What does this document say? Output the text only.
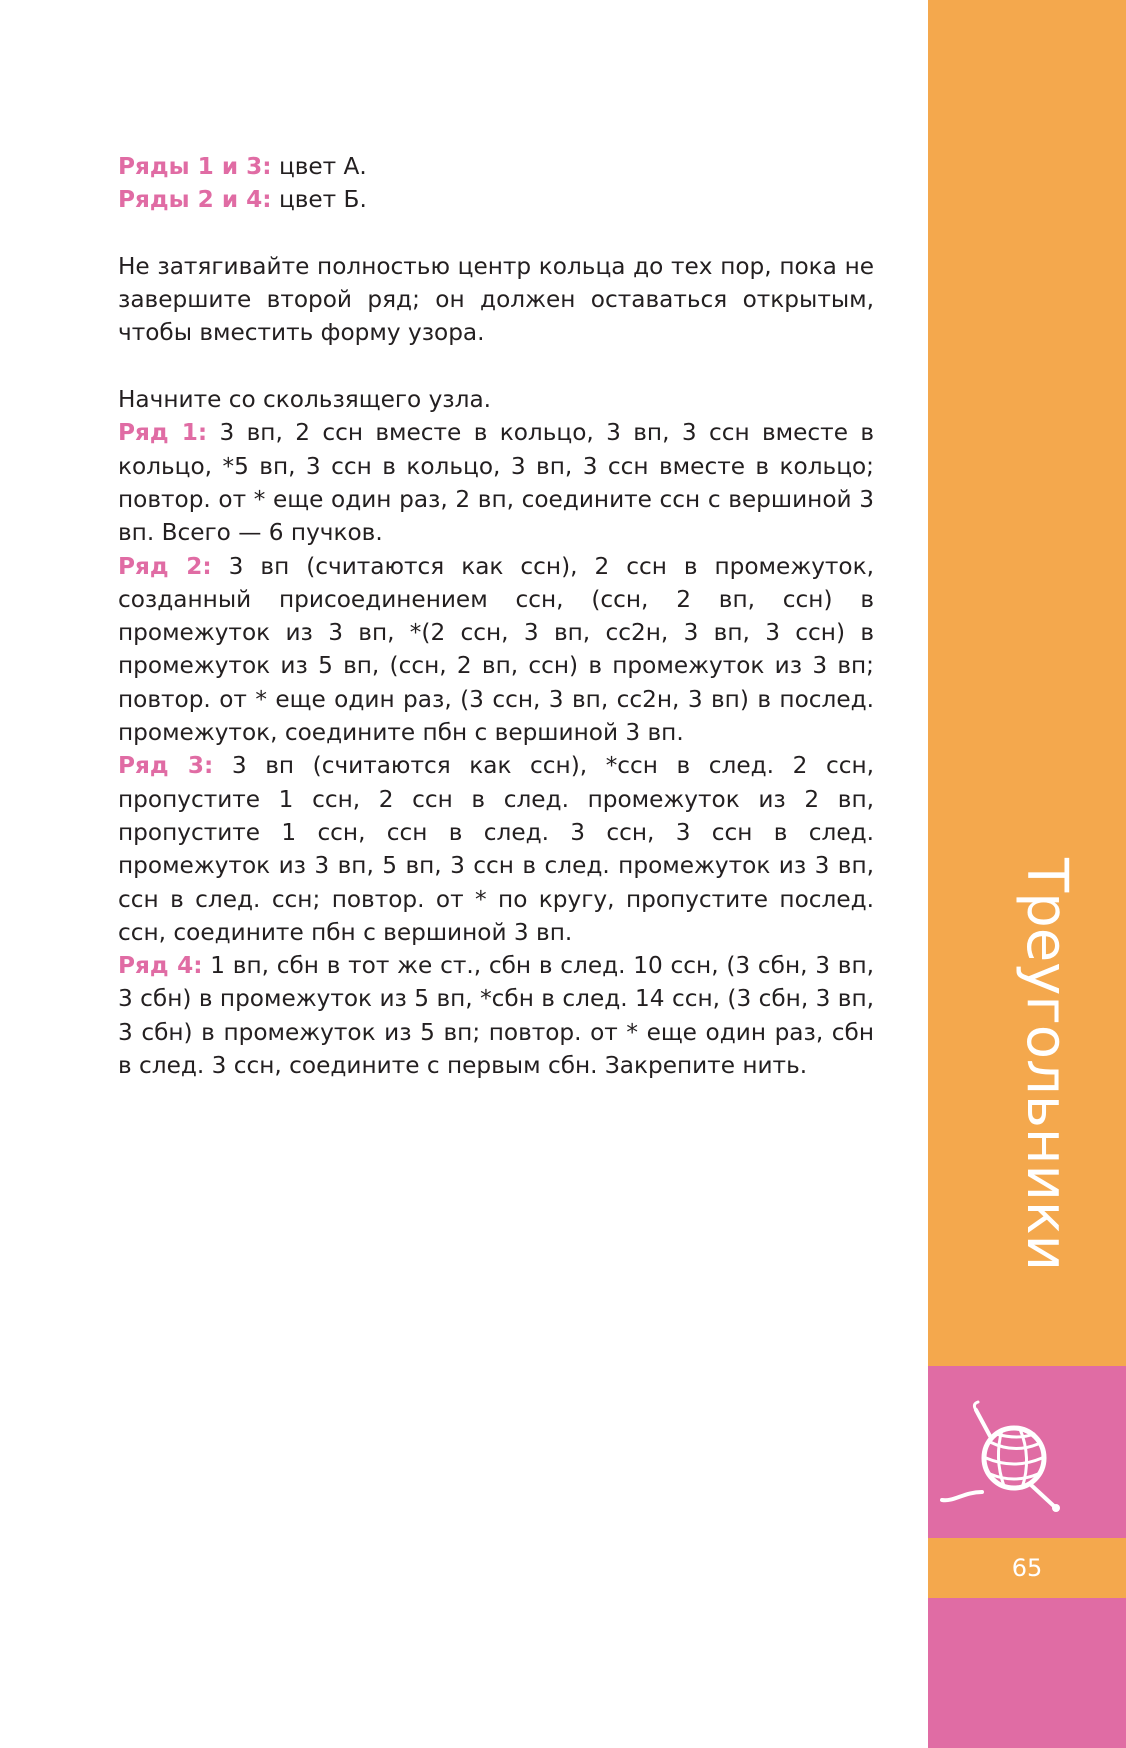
Ряды 1 и 3: цвет А.

Ряды 2 и 4: цвет Б.

Не затягивайте полностью центр кольца до тех пор, пока не завершите второй ряд; он должен оставаться открытым, чтобы вместить форму узора.

Начните со скользящего узла.

Ряд 1: 3 вп, 2 ссн вместе в кольцо, 3 вп, 3 ссн вместе в кольцо, *5 вп, 3 ссн в кольцо, 3 вп, 3 ссн вместе в кольцо; повтор. от * еще один раз, 2 вп, соедините ссн с вершиной 3 вп. Всего — 6 пучков.

Ряд 2: 3 вп (считаются как ссн), 2 ссн в промежуток, созданный присоединением ссн, (ссн, 2 вп, ссн) в промежуток из 3 вп, *(2 ссн, 3 вп, сс2н, 3 вп, 3 ссн) в промежуток из 5 вп, (ссн, 2 вп, ссн) в промежуток из 3 вп; повтор. от * еще один раз, (3 ссн, 3 вп, сс2н, 3 вп) в послед. промежуток, соедините пбн с вершиной 3 вп.

Ряд 3: 3 вп (считаются как ссн), *ссн в след. 2 ссн, пропустите 1 ссн, 2 ссн в след. промежуток из 2 вп, пропустите 1 ссн, ссн в след. 3 ссн, 3 ссн в след. промежуток из 3 вп, 5 вп, 3 ссн в след. промежуток из 3 вп, ссн в след. ссн; повтор. от * по кругу, пропустите послед. ссн, соедините пбн с вершиной 3 вп.

Ряд 4: 1 вп, сбн в тот же ст., сбн в след. 10 ссн, (3 сбн, 3 вп, 3 сбн) в промежуток из 5 вп, *сбн в след. 14 ссн, (3 сбн, 3 вп, 3 сбн) в промежуток из 5 вп; повтор. от * еще один раз, сбн в след. 3 ссн, соедините с первым сбн. Закрепите нить.	Треугольники
65
